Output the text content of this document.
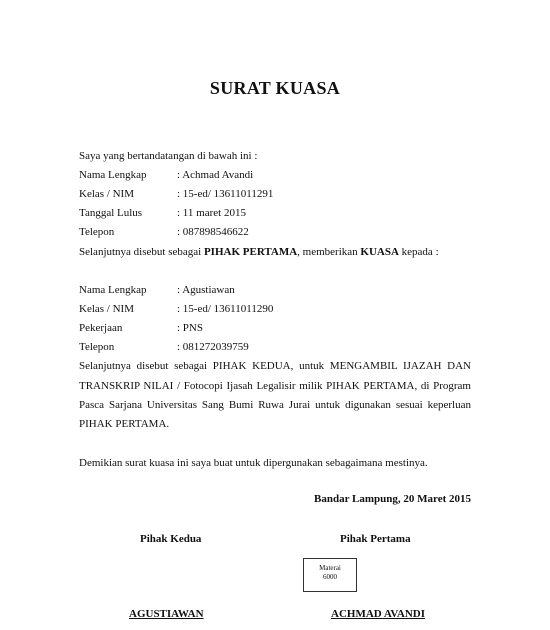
SURAT KUASA
Saya yang bertandatangan di bawah ini :
Nama Lengkap	: Achmad Avandi
Kelas / NIM	: 15-ed/ 13611011291
Tanggal Lulus	: 11 maret 2015
Telepon	: 087898546622
Selanjutnya disebut sebagai PIHAK PERTAMA, memberikan KUASA kepada :
Nama Lengkap	: Agustiawan
Kelas / NIM	: 15-ed/ 13611011290
Pekerjaan	: PNS
Telepon	: 081272039759
Selanjutnya disebut sebagai PIHAK KEDUA, untuk MENGAMBIL IJAZAH DAN
TRANSKRIP NILAI / Fotocopi Ijasah Legalisir milik PIHAK PERTAMA, di Program
Pasca Sarjana Universitas Sang Bumi Ruwa Jurai untuk digunakan sesuai keperluan
PIHAK PERTAMA.
Demikian surat kuasa ini saya buat untuk dipergunakan sebagaimana mestinya.
Bandar Lampung, 20 Maret 2015
Pihak Kedua	Pihak Pertama
Materai
6000
AGUSTIAWAN	ACHMAD AVANDI
